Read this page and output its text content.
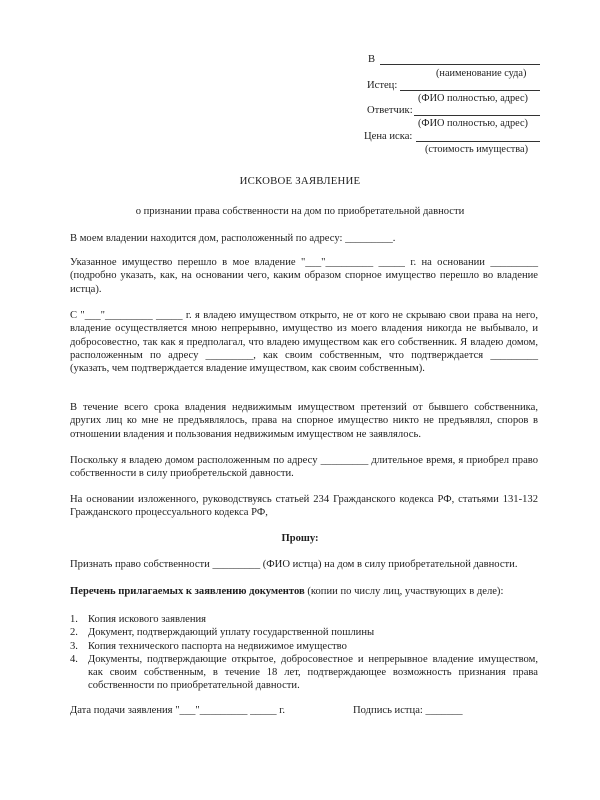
В
(наименование суда)
Истец:
(ФИО полностью, адрес)
Ответчик:
(ФИО полностью, адрес)
Цена иска:
(стоимость имущества)
ИСКОВОЕ ЗАЯВЛЕНИЕ
о признании права собственности на дом по приобретательной давности
В моем владении находится дом, расположенный по адресу: _________.
Указанное имущество перешло в мое владение "___"_________ _____ г. на основании _________ (подробно указать, как, на основании чего, каким образом спорное имущество перешло во владение истца).
С "___"_________ _____ г. я владею имуществом открыто, не от кого не скрываю свои права на него, владение осуществляется мною непрерывно, имущество из моего владения никогда не выбывало, и добросовестно, так как я предполагал, что владею имуществом как его собственник. Я владею домом, расположенным по адресу _________, как своим собственным, что подтверждается _________ (указать, чем подтверждается владение имуществом, как своим собственным).
В течение всего срока владения недвижимым имуществом претензий от бывшего собственника, других лиц ко мне не предъявлялось, права на спорное имущество никто не предъявлял, споров в отношении владения и пользования недвижимым имуществом не заявлялось.
Поскольку я владею домом расположенным по адресу _________ длительное время, я приобрел право собственности в силу приобретельской давности.
На основании изложенного, руководствуясь статьей 234 Гражданского кодекса РФ, статьями 131-132 Гражданского процессуального кодекса РФ,
Прошу:
Признать право собственности _________ (ФИО истца) на дом в силу приобретательной давности.
Перечень прилагаемых к заявлению документов (копии по числу лиц, участвующих в деле):
1. Копия искового заявления
2. Документ, подтверждающий уплату государственной пошлины
3. Копия технического паспорта на недвижимое имущество
4. Документы, подтверждающие открытое, добросовестное и непрерывное владение имуществом, как своим собственным, в течение 18 лет, подтверждающее возможность признания права собственности по приобретательной давности.
Дата подачи заявления "___"_________ _____ г.	Подпись истца: _______
